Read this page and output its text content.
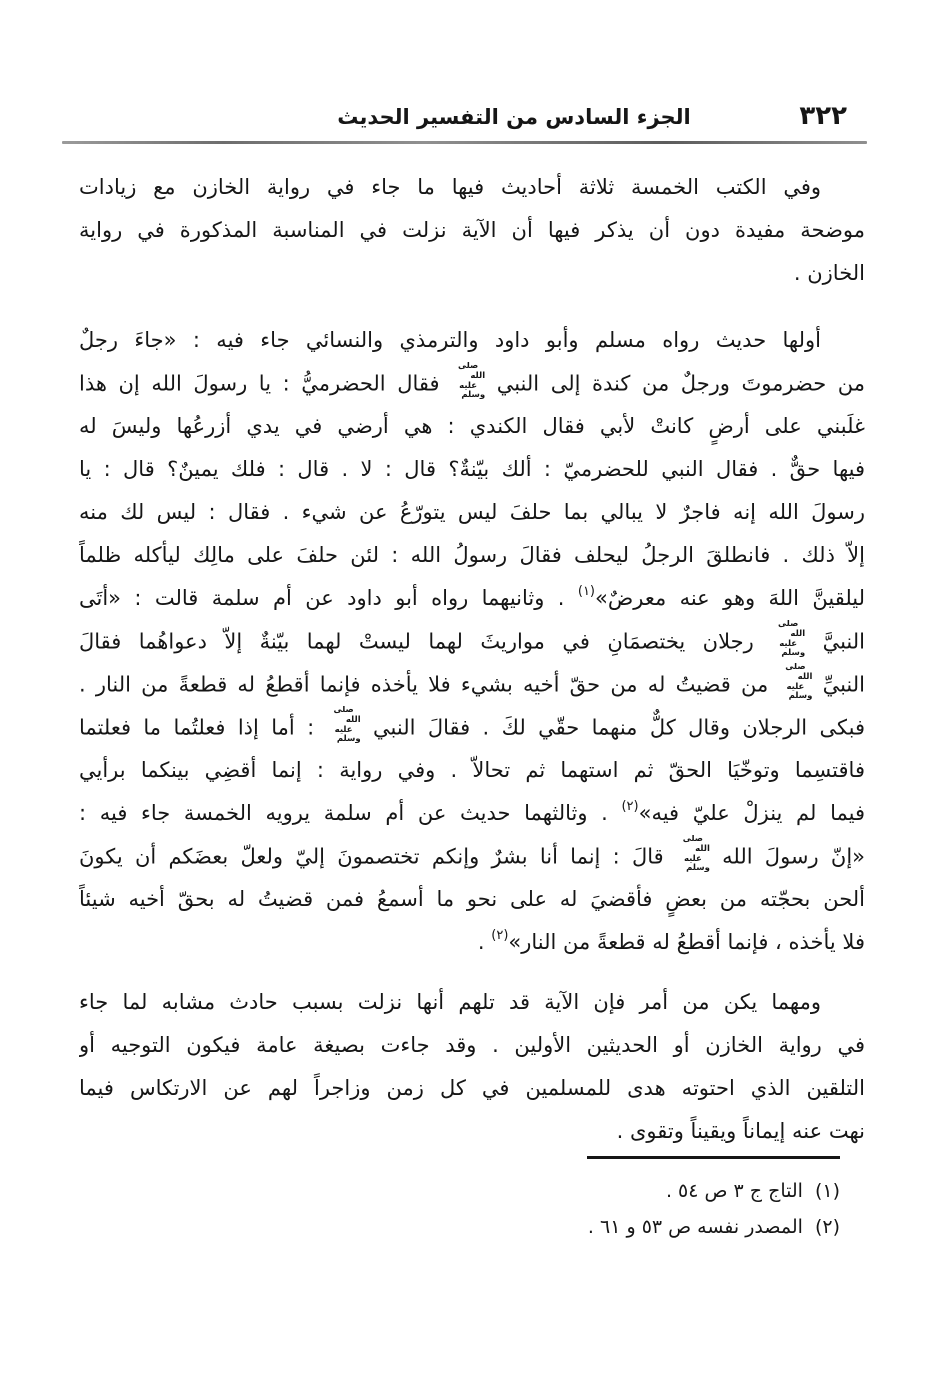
٣٢٢
الجزء السادس من التفسير الحديث
وفي الكتب الخمسة ثلاثة أحاديث فيها ما جاء في رواية الخازن مع زيادات
موضحة مفيدة دون أن يذكر فيها أن الآية نزلت في المناسبة المذكورة في رواية
الخازن .
أولها حديث رواه مسلم وأبو داود والترمذي والنسائي جاء فيه : «جاءَ رجلٌ
من حضرموتَ ورجلٌ من كندة إلى النبي صلى الله
عليه وسلم فقال الحضرميُّ : يا رسولَ الله إن هذا
غلَبني على أرضٍ كانتْ لأبي فقال الكندي : هي أرضي في يدي أزرعُها وليسَ له
فيها حقٌّ . فقال النبي للحضرميّ : ألك بيّنةٌ؟ قال : لا . قال : فلك يمينٌ؟ قال : يا
رسولَ الله إنه فاجرٌ لا يبالي بما حلفَ ليس يتورّعُ عن شيء . فقال : ليس لك منه
إلاّ ذلك . فانطلقَ الرجلُ ليحلف فقالَ رسولُ الله : لئن حلفَ على مالِك ليأكله ظلماً
ليلقينَّ اللهَ وهو عنه معرضٌ»$^{(١)}$ . وثانيهما رواه أبو داود عن أم سلمة قالت : «أتَى
النبيَّ صلى الله
عليه وسلم رجلان يختصمَانِ في مواريثَ لهما ليستْ لهما بيّنةٌ إلاّ دعواهُما فقالَ
النبيِّ صلى الله
عليه وسلم من قضيتُ له من حقّ أخيه بشيء فلا يأخذه فإنما أقطعُ له قطعةً من النار .
فبكى الرجلان وقال كلٌّ منهما حقّي لكَ . فقالَ النبي صلى الله
عليه وسلم : أما إذا فعلتُما ما فعلتما
فاقتسِما وتوخّيَا الحقّ ثم استهما ثم تحالاّ . وفي رواية : إنما أقضِي بينكما برأيي
فيما لم ينزلْ عليّ فيه»$^{(٢)}$ . وثالثهما حديث عن أم سلمة يرويه الخمسة جاء فيه :
«إنّ رسولَ الله صلى الله
عليه وسلم قالَ : إنما أنا بشرٌ وإنكم تختصمونَ إليّ ولعلّ بعضَكم أن يكونَ
ألحن بحجّته من بعضٍ فأقضيَ له على نحو ما أسمعُ فمن قضيتُ له بحقّ أخيه شيئاً
فلا يأخذه ، فإنما أقطعُ له قطعةً من النار»$^{(٢)}$ .
ومهما يكن من أمر فإن الآية قد تلهم أنها نزلت بسبب حادث مشابه لما جاء
في رواية الخازن أو الحديثين الأولين . وقد جاءت بصيغة عامة فيكون التوجيه أو
التلقين الذي احتوته هدى للمسلمين في كل زمن وزاجراً لهم عن الارتكاس فيما
نهت عنه إيماناً ويقيناً وتقوى .
(١)التاج ج ٣ ص ٥٤ .
(٢)المصدر نفسه ص ٥٣ و ٦١ .
